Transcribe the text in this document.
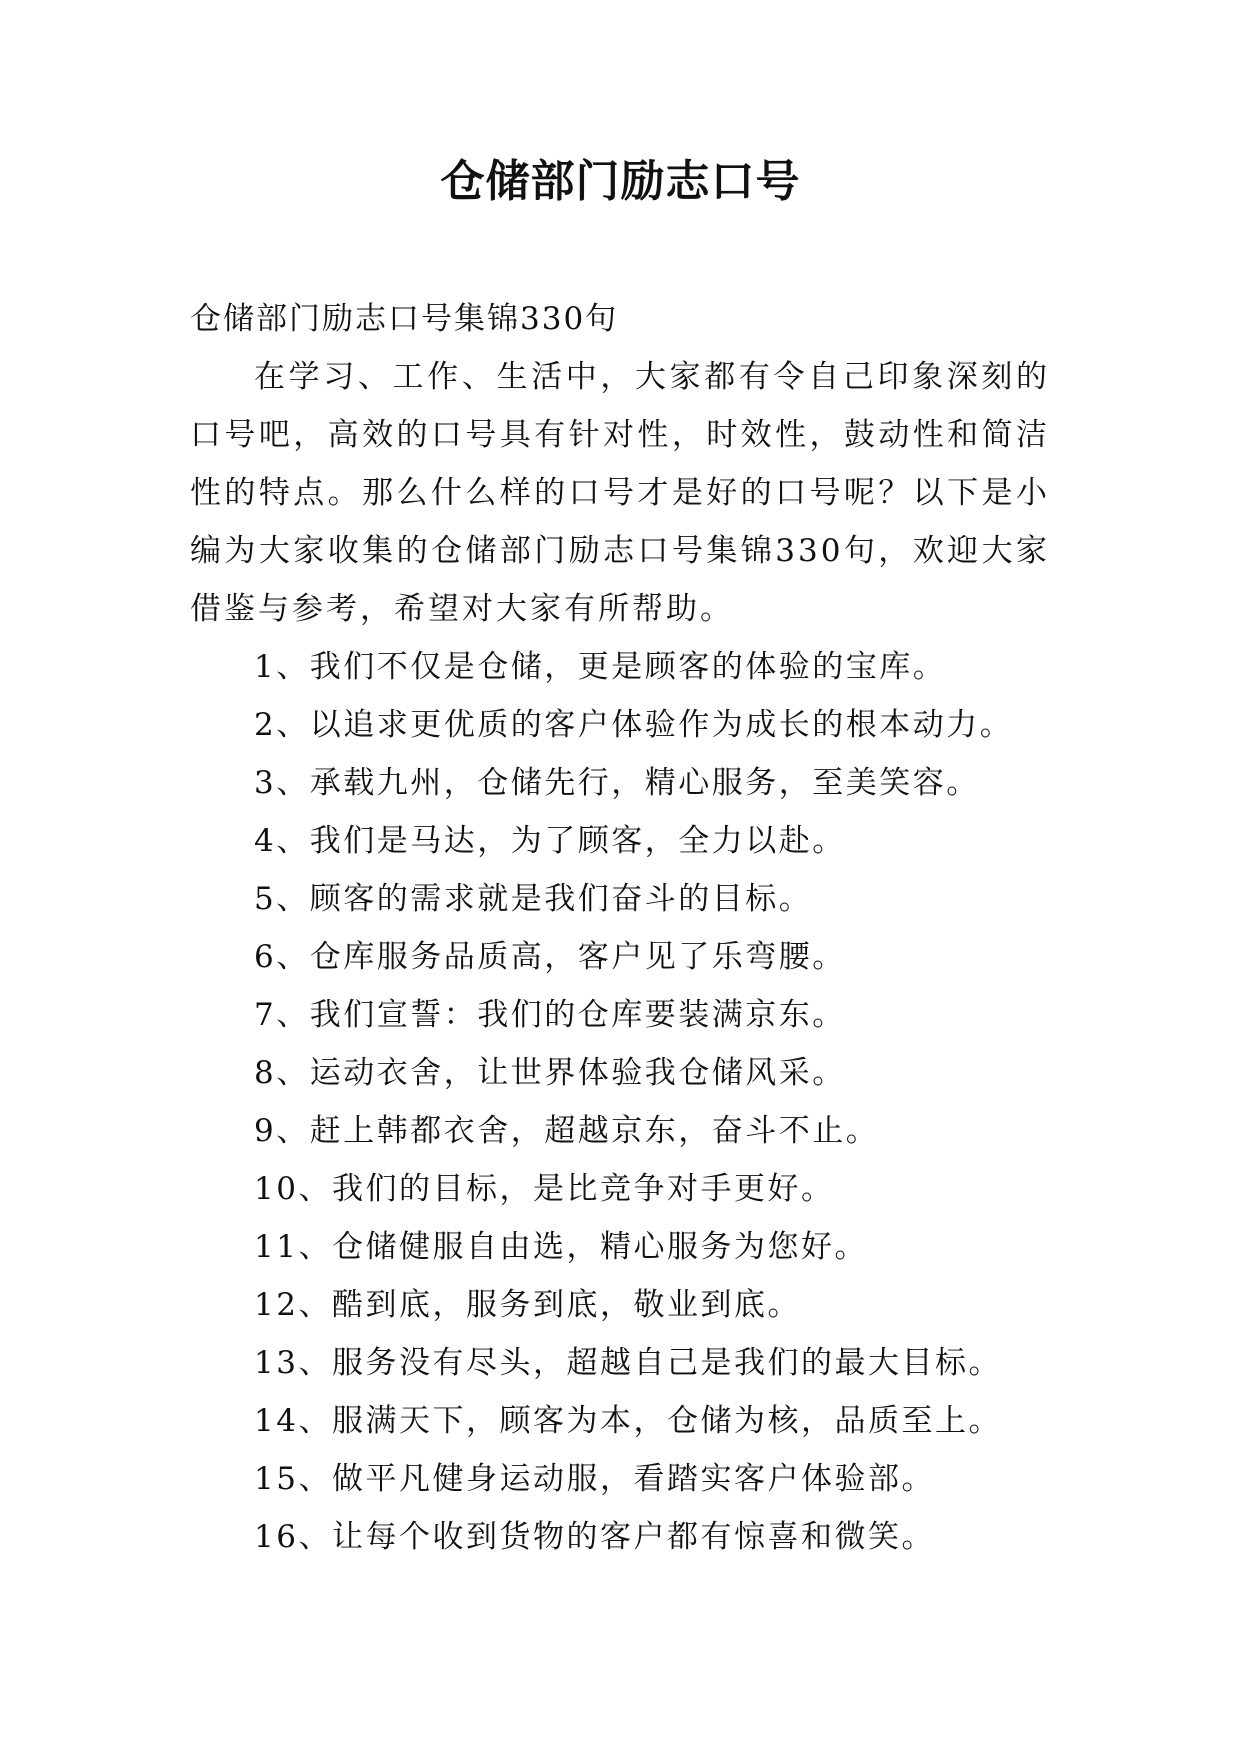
仓储部门励志口号

仓储部门励志口号集锦330句

在学习、工作、生活中，大家都有令自己印象深刻的口号吧，高效的口号具有针对性，时效性，鼓动性和简洁性的特点。那么什么样的口号才是好的口号呢？以下是小编为大家收集的仓储部门励志口号集锦330句，欢迎大家借鉴与参考，希望对大家有所帮助。

1、我们不仅是仓储，更是顾客的体验的宝库。
2、以追求更优质的客户体验作为成长的根本动力。
3、承载九州，仓储先行，精心服务，至美笑容。
4、我们是马达，为了顾客，全力以赴。
5、顾客的需求就是我们奋斗的目标。
6、仓库服务品质高，客户见了乐弯腰。
7、我们宣誓：我们的仓库要装满京东。
8、运动衣舍，让世界体验我仓储风采。
9、赶上韩都衣舍，超越京东，奋斗不止。
10、我们的目标，是比竞争对手更好。
11、仓储健服自由选，精心服务为您好。
12、酷到底，服务到底，敬业到底。
13、服务没有尽头，超越自己是我们的最大目标。
14、服满天下，顾客为本，仓储为核，品质至上。
15、做平凡健身运动服，看踏实客户体验部。
16、让每个收到货物的客户都有惊喜和微笑。
